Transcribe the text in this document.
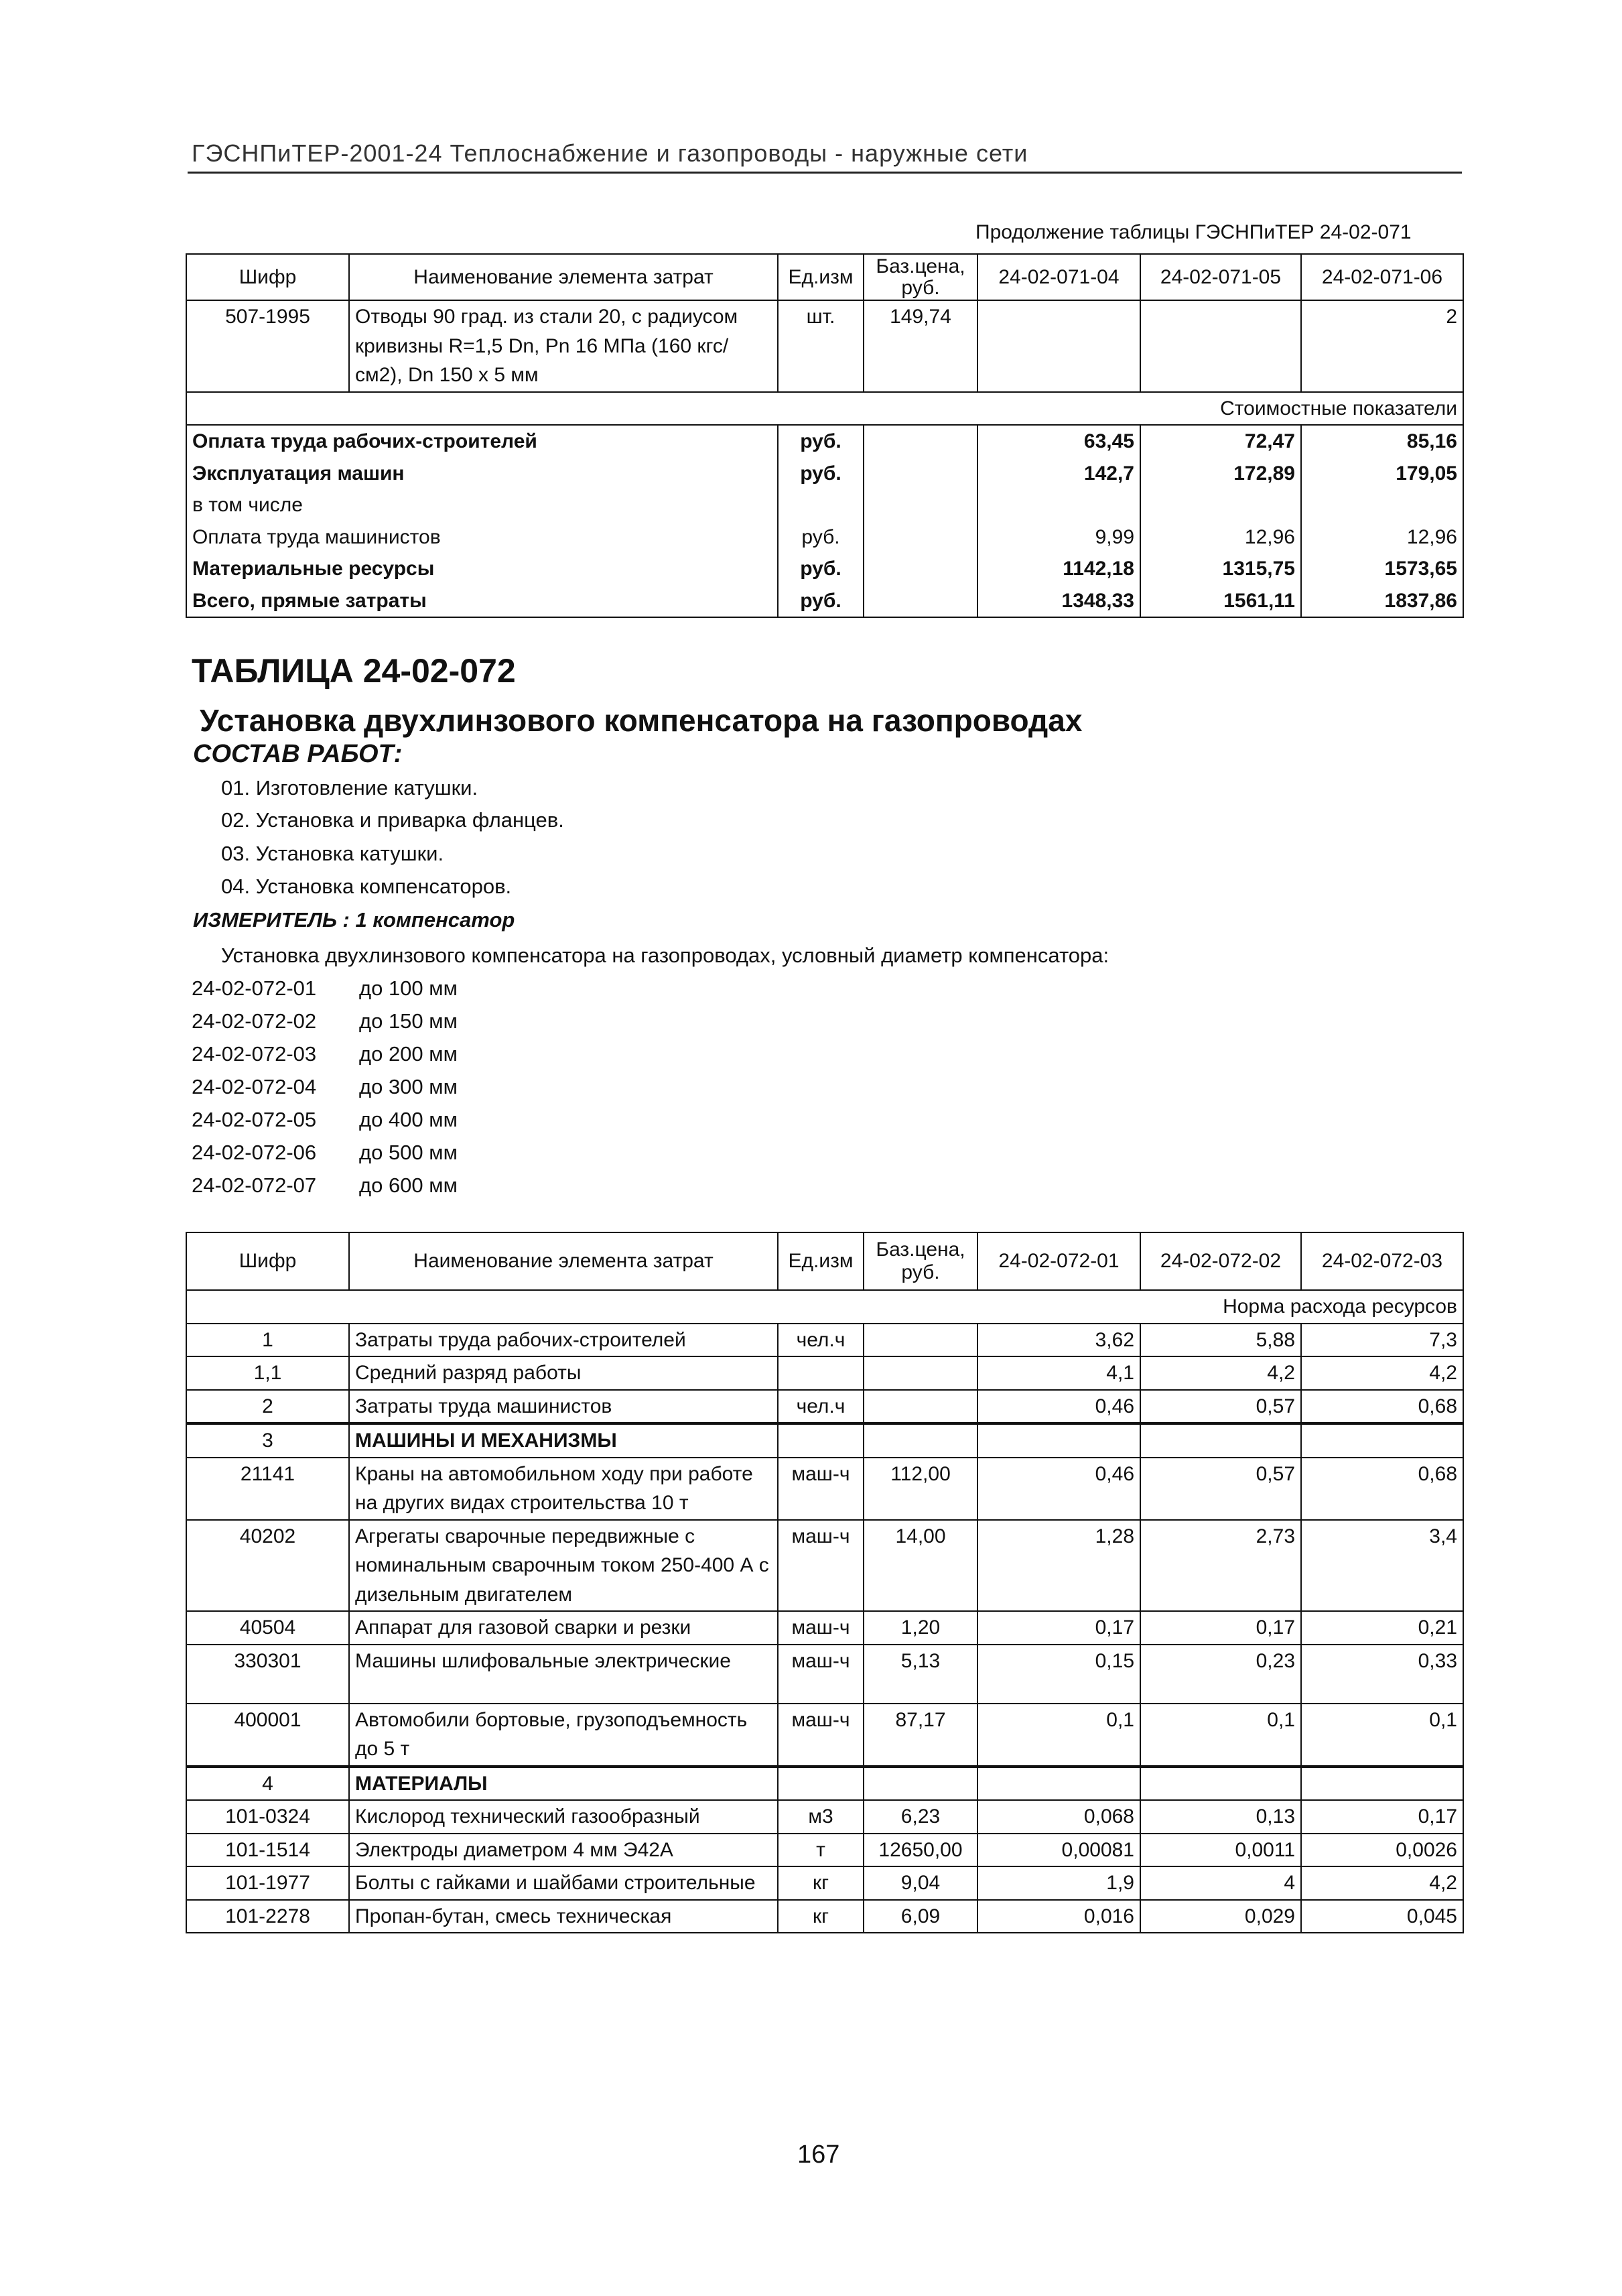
ГЭСНПиТЕР-2001-24 Теплоснабжение и газопроводы - наружные сети
Продолжение таблицы ГЭСНПиТЕР 24-02-071
Шифр	Наименование элемента затрат	Ед.изм	Баз.цена, руб.	24-02-071-04	24-02-071-05	24-02-071-06
507-1995	Отводы 90 град. из стали 20, с радиусом кривизны R=1,5 Dn, Pn 16 МПа (160 кгс/см2), Dn 150 х 5 мм	шт.	149,74			2
Стоимостные показатели						
Оплата труда рабочих-строителей		руб.		63,45	72,47	85,16
Эксплуатация машин		руб.		142,7	172,89	179,05
в том числе						
Оплата труда машинистов		руб.		9,99	12,96	12,96
Материальные ресурсы		руб.		1142,18	1315,75	1573,65
Всего, прямые затраты		руб.		1348,33	1561,11	1837,86
ТАБЛИЦА 24-02-072
Установка двухлинзового компенсатора на газопроводах
СОСТАВ РАБОТ:
01. Изготовление катушки.
02. Установка и приварка фланцев.
03. Установка катушки.
04. Установка компенсаторов.
ИЗМЕРИТЕЛЬ : 1 компенсатор
Установка двухлинзового компенсатора на газопроводах, условный диаметр компенсатора:
24-02-072-01 до 100 мм
24-02-072-02 до 150 мм
24-02-072-03 до 200 мм
24-02-072-04 до 300 мм
24-02-072-05 до 400 мм
24-02-072-06 до 500 мм
24-02-072-07 до 600 мм
Шифр	Наименование элемента затрат	Ед.изм	Баз.цена, руб.	24-02-072-01	24-02-072-02	24-02-072-03
Норма расхода ресурсов						
1	Затраты труда рабочих-строителей	чел.ч		3,62	5,88	7,3
1,1	Средний разряд работы			4,1	4,2	4,2
2	Затраты труда машинистов	чел.ч		0,46	0,57	0,68
3	МАШИНЫ И МЕХАНИЗМЫ					
21141	Краны на автомобильном ходу при работе на других видах строительства 10 т	маш-ч	112,00	0,46	0,57	0,68
40202	Агрегаты сварочные передвижные с номинальным сварочным током 250-400 А с дизельным двигателем	маш-ч	14,00	1,28	2,73	3,4
40504	Аппарат для газовой сварки и резки	маш-ч	1,20	0,17	0,17	0,21
330301	Машины шлифовальные электрические	маш-ч	5,13	0,15	0,23	0,33
400001	Автомобили бортовые, грузоподъемность до 5 т	маш-ч	87,17	0,1	0,1	0,1
4	МАТЕРИАЛЫ					
101-0324	Кислород технический газообразный	м3	6,23	0,068	0,13	0,17
101-1514	Электроды диаметром 4 мм Э42А	т	12650,00	0,00081	0,0011	0,0026
101-1977	Болты с гайками и шайбами строительные	кг	9,04	1,9	4	4,2
101-2278	Пропан-бутан, смесь техническая	кг	6,09	0,016	0,029	0,045
167
